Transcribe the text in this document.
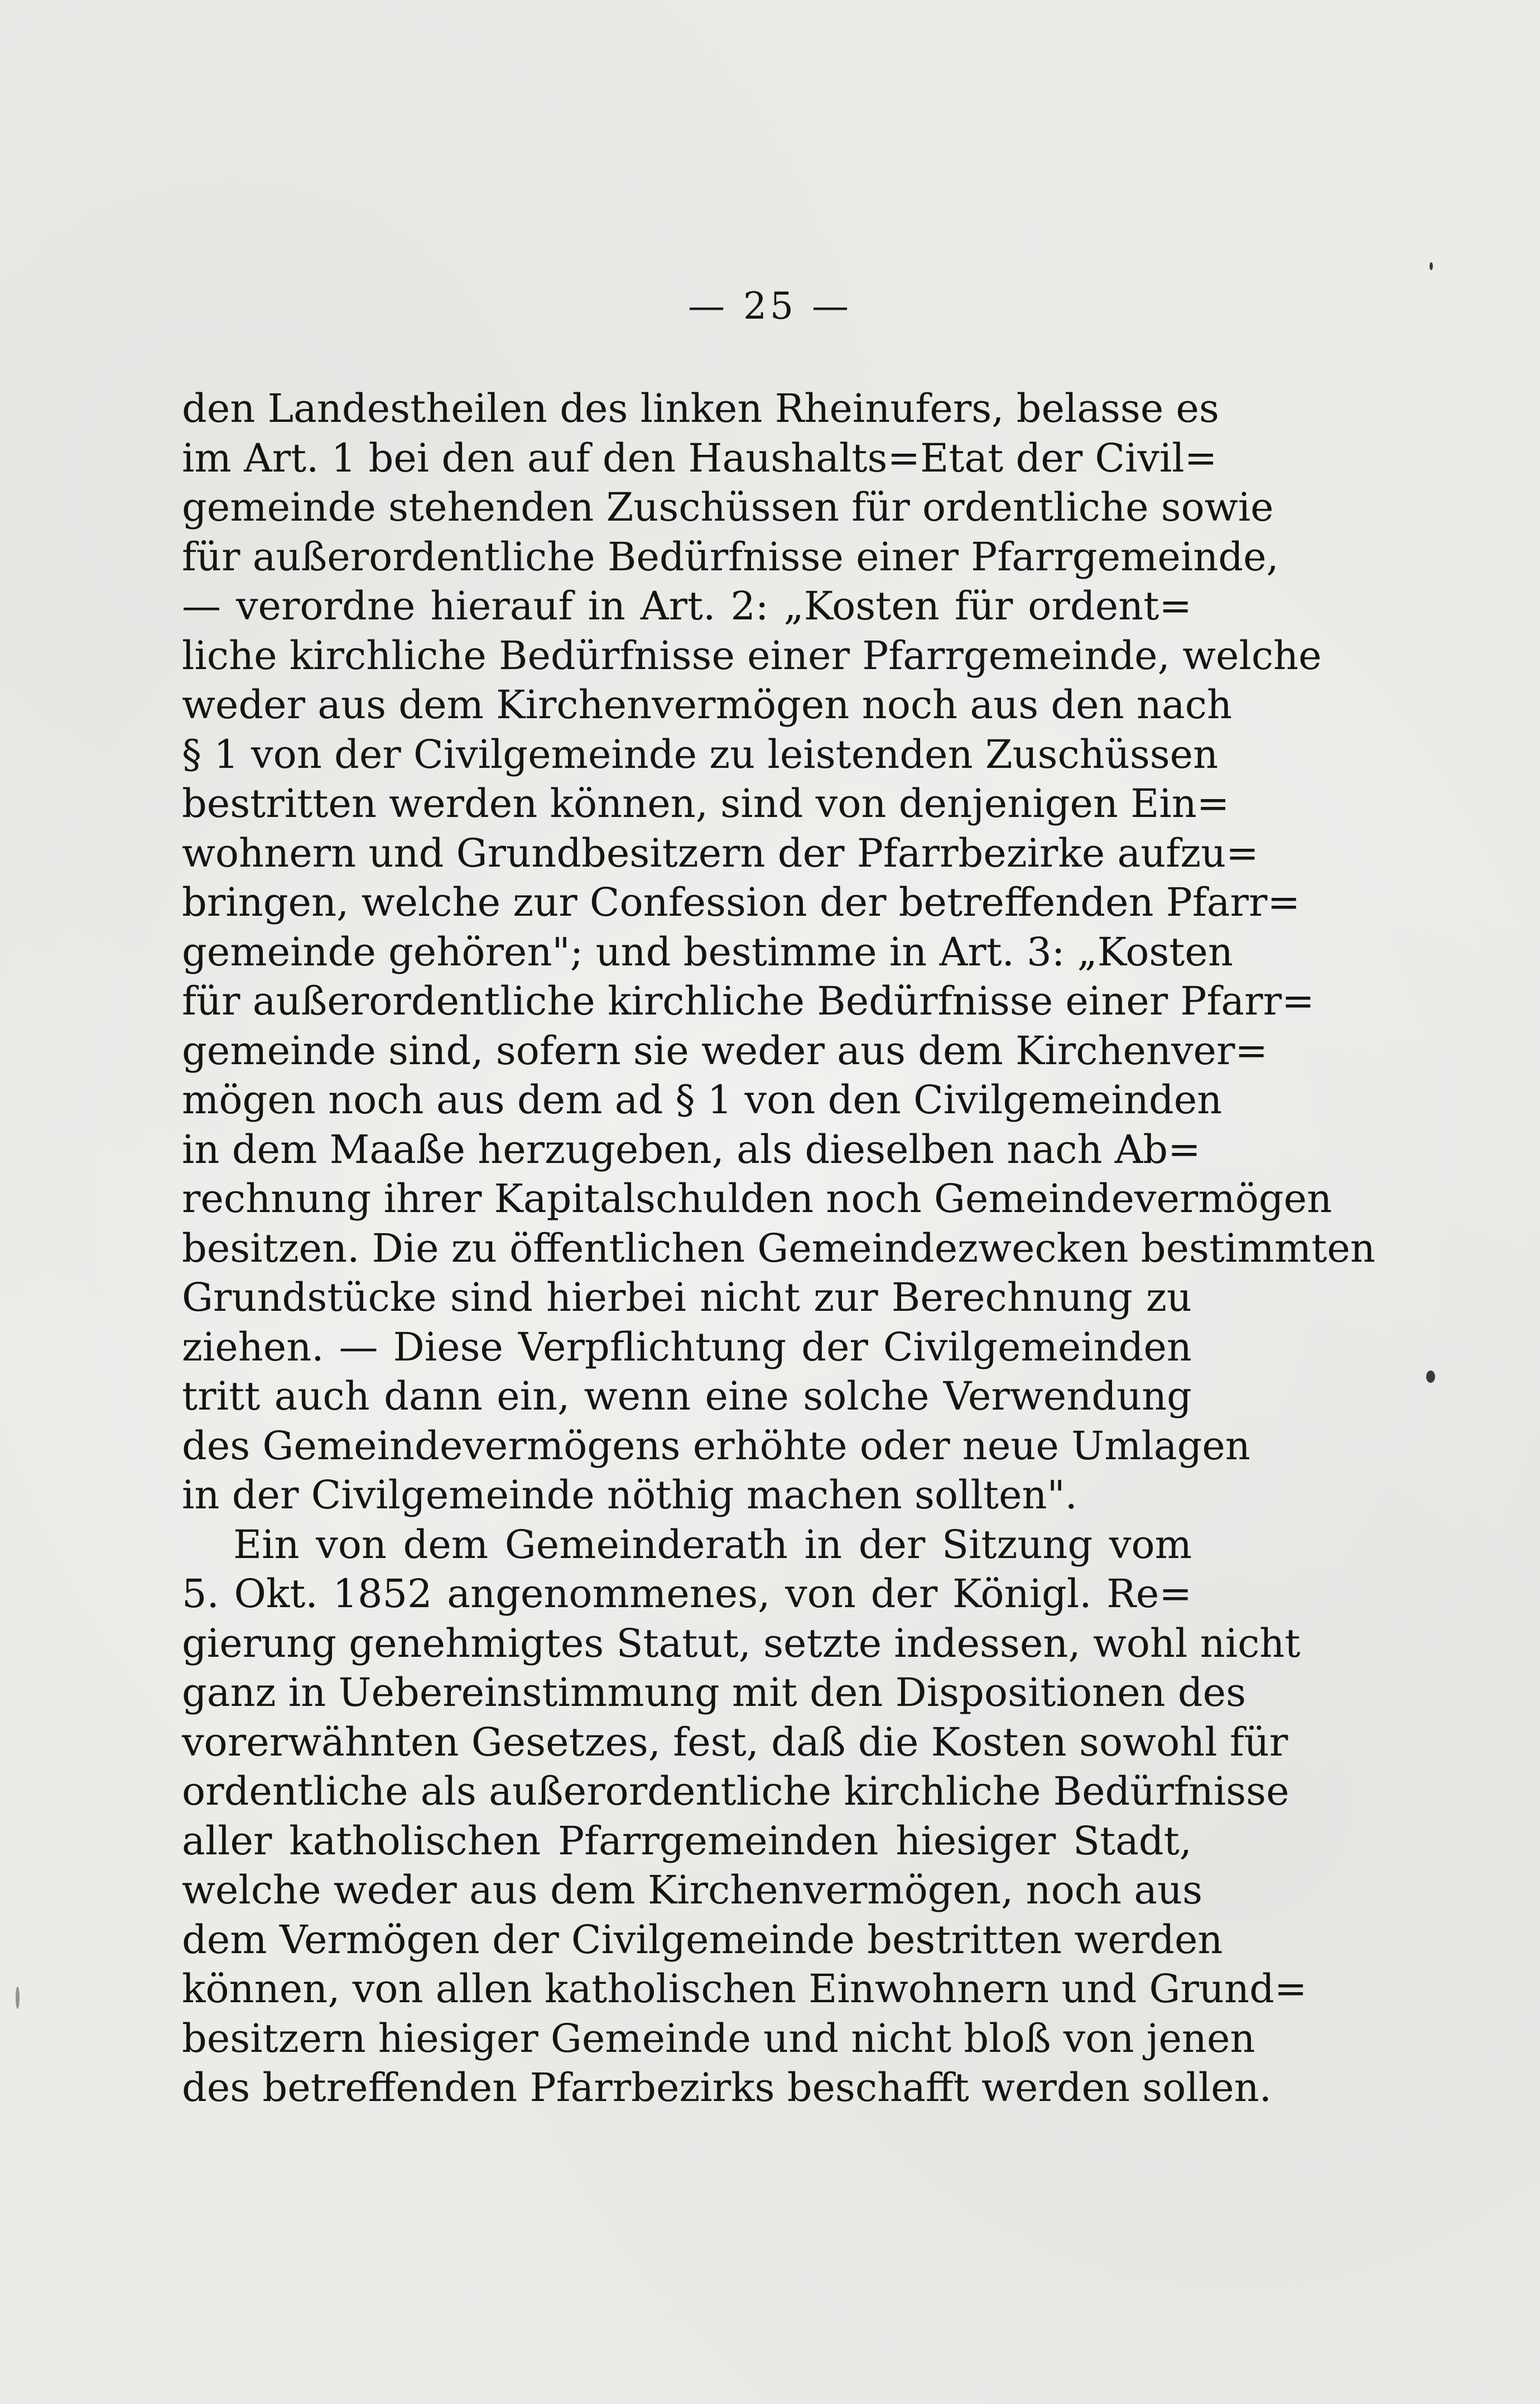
— 25 —
den Landestheilen des linken Rheinufers, belasse es
im Art. 1 bei den auf den Haushalts=Etat der Civil=
gemeinde stehenden Zuschüssen für ordentliche sowie
für außerordentliche Bedürfnisse einer Pfarrgemeinde,
— verordne hierauf in Art. 2: „Kosten für ordent=
liche kirchliche Bedürfnisse einer Pfarrgemeinde, welche
weder aus dem Kirchenvermögen noch aus den nach
§ 1 von der Civilgemeinde zu leistenden Zuschüssen
bestritten werden können, sind von denjenigen Ein=
wohnern und Grundbesitzern der Pfarrbezirke aufzu=
bringen, welche zur Confession der betreffenden Pfarr=
gemeinde gehören"; und bestimme in Art. 3: „Kosten
für außerordentliche kirchliche Bedürfnisse einer Pfarr=
gemeinde sind, sofern sie weder aus dem Kirchenver=
mögen noch aus dem ad § 1 von den Civilgemeinden
in dem Maaße herzugeben, als dieselben nach Ab=
rechnung ihrer Kapitalschulden noch Gemeindevermögen
besitzen. Die zu öffentlichen Gemeindezwecken bestimmten
Grundstücke sind hierbei nicht zur Berechnung zu
ziehen. — Diese Verpflichtung der Civilgemeinden
tritt auch dann ein, wenn eine solche Verwendung
des Gemeindevermögens erhöhte oder neue Umlagen
in der Civilgemeinde nöthig machen sollten".
Ein von dem Gemeinderath in der Sitzung vom
5. Okt. 1852 angenommenes, von der Königl. Re=
gierung genehmigtes Statut, setzte indessen, wohl nicht
ganz in Uebereinstimmung mit den Dispositionen des
vorerwähnten Gesetzes, fest, daß die Kosten sowohl für
ordentliche als außerordentliche kirchliche Bedürfnisse
aller katholischen Pfarrgemeinden hiesiger Stadt,
welche weder aus dem Kirchenvermögen, noch aus
dem Vermögen der Civilgemeinde bestritten werden
können, von allen katholischen Einwohnern und Grund=
besitzern hiesiger Gemeinde und nicht bloß von jenen
des betreffenden Pfarrbezirks beschafft werden sollen.
